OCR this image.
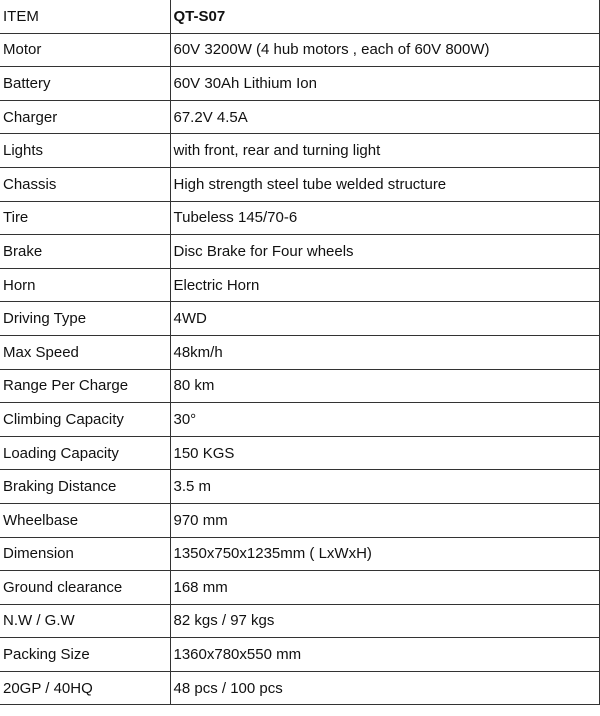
ITEM	QT-S07
Motor	60V 3200W (4 hub motors , each of 60V 800W)
Battery	60V 30Ah Lithium Ion
Charger	67.2V 4.5A
Lights	with front, rear and turning light
Chassis	High strength steel tube welded structure
Tire	Tubeless 145/70-6
Brake	Disc Brake for Four wheels
Horn	Electric Horn
Driving Type	4WD
Max Speed	48km/h
Range Per Charge	80 km
Climbing Capacity	30°
Loading Capacity	150 KGS
Braking Distance	3.5 m
Wheelbase	970 mm
Dimension	1350x750x1235mm ( LxWxH)
Ground clearance	168 mm
N.W / G.W	82 kgs / 97 kgs
Packing Size	1360x780x550 mm
20GP / 40HQ	48 pcs / 100 pcs
